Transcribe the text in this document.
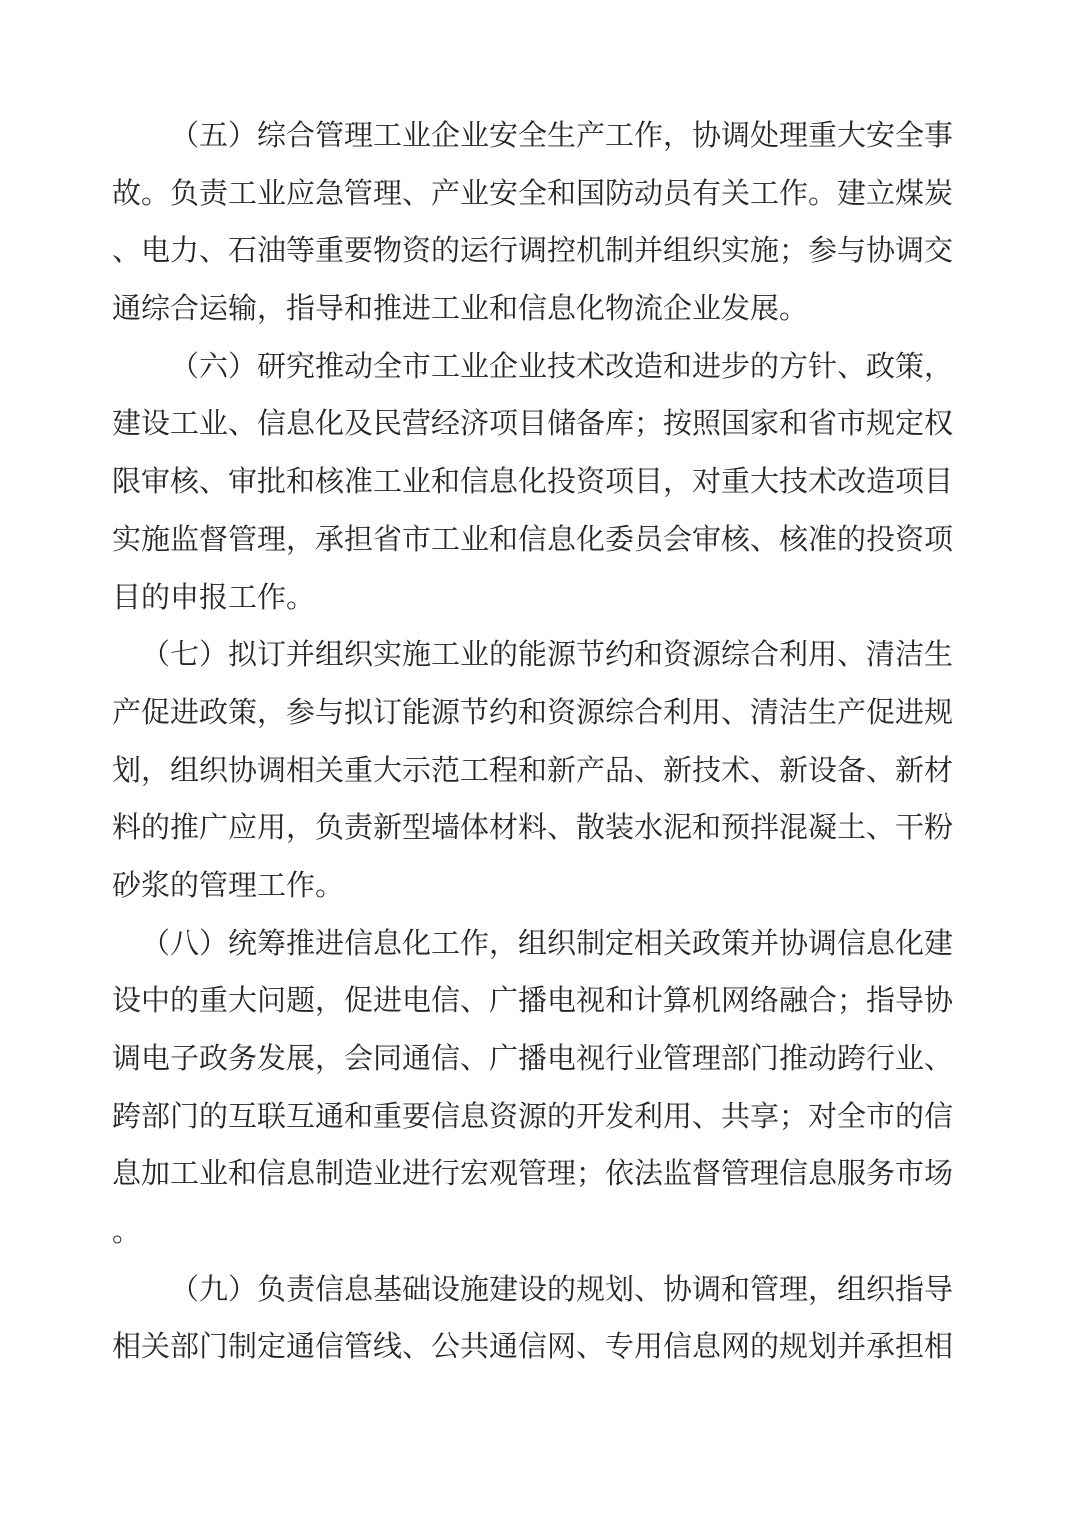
（五）综合管理工业企业安全生产工作，协调处理重大安全事
故。负责工业应急管理、产业安全和国防动员有关工作。建立煤炭
、电力、石油等重要物资的运行调控机制并组织实施；参与协调交
通综合运输，指导和推进工业和信息化物流企业发展。
（六）研究推动全市工业企业技术改造和进步的方针、政策，
建设工业、信息化及民营经济项目储备库；按照国家和省市规定权
限审核、审批和核准工业和信息化投资项目，对重大技术改造项目
实施监督管理，承担省市工业和信息化委员会审核、核准的投资项
目的申报工作。
（七）拟订并组织实施工业的能源节约和资源综合利用、清洁生
产促进政策，参与拟订能源节约和资源综合利用、清洁生产促进规
划，组织协调相关重大示范工程和新产品、新技术、新设备、新材
料的推广应用，负责新型墙体材料、散装水泥和预拌混凝土、干粉
砂浆的管理工作。
（八）统筹推进信息化工作，组织制定相关政策并协调信息化建
设中的重大问题，促进电信、广播电视和计算机网络融合；指导协
调电子政务发展，会同通信、广播电视行业管理部门推动跨行业、
跨部门的互联互通和重要信息资源的开发利用、共享；对全市的信
息加工业和信息制造业进行宏观管理；依法监督管理信息服务市场
。
（九）负责信息基础设施建设的规划、协调和管理，组织指导
相关部门制定通信管线、公共通信网、专用信息网的规划并承担相
